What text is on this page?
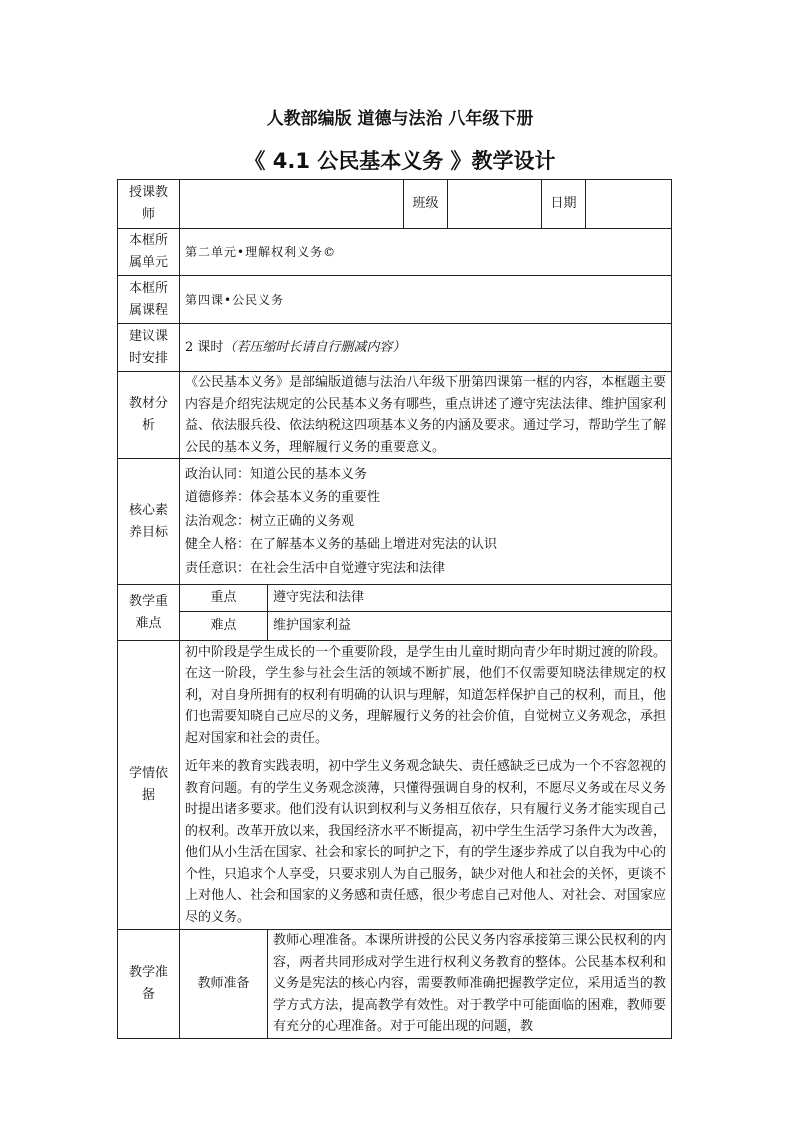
人教部编版 道德与法治 八年级下册
《 4.1 公民基本义务 》教学设计
授课教师			班级		日期	
本框所属单元	第二单元•理解权利义务©					
本框所属课程	第四课•公民义务					
建议课时安排	2 课时（若压缩时长请自行删减内容）					
教材分析	《公民基本义务》是部编版道德与法治八年级下册第四课第一框的内容，本框题主要内容是介绍宪法规定的公民基本义务有哪些，重点讲述了遵守宪法法律、维护国家利益、依法服兵役、依法纳税这四项基本义务的内涵及要求。通过学习，帮助学生了解公民的基本义务，理解履行义务的重要意义。					

核心素养目标	政治认同：知道公民的基本义务
道德修养：体会基本义务的重要性
法治观念：树立正确的义务观
健全人格：在了解基本义务的基础上增进对宪法的认识
责任意识：在社会生活中自觉遵守宪法和法律					

教学重难点	重点	遵守宪法和法律				
	难点	维护国家利益				
学情依据	初中阶段是学生成长的一个重要阶段，是学生由儿童时期向青少年时期过渡的阶段。在这一阶段，学生参与社会生活的领域不断扩展，他们不仅需要知晓法律规定的权利，对自身所拥有的权利有明确的认识与理解，知道怎样保护自己的权利，而且，他们也需要知晓自己应尽的义务，理解履行义务的社会价值，自觉树立义务观念，承担起对国家和社会的责任。

近年来的教育实践表明，初中学生义务观念缺失、责任感缺乏已成为一个不容忽视的教育问题。有的学生义务观念淡薄，只懂得强调自身的权利，不愿尽义务或在尽义务时提出诸多要求。他们没有认识到权利与义务相互依存，只有履行义务才能实现自己的权利。改革开放以来，我国经济水平不断提高，初中学生生活学习条件大为改善，他们从小生活在国家、社会和家长的呵护之下，有的学生逐步养成了以自我为中心的个性，只追求个人享受，只要求别人为自己服务，缺少对他人和社会的关怀，更谈不上对他人、社会和国家的义务感和责任感，很少考虑自己对他人、对社会、对国家应尽的义务。					

教学准备	教师准备	教师心理准备。本课所讲授的公民义务内容承接第三课公民权利的内容，两者共同形成对学生进行权利义务教育的整体。公民基本权利和义务是宪法的核心内容，需要教师准确把握教学定位，采用适当的教学方式方法，提高教学有效性。对于教学中可能面临的困难，教师要有充分的心理准备。对于可能出现的问题，教				
